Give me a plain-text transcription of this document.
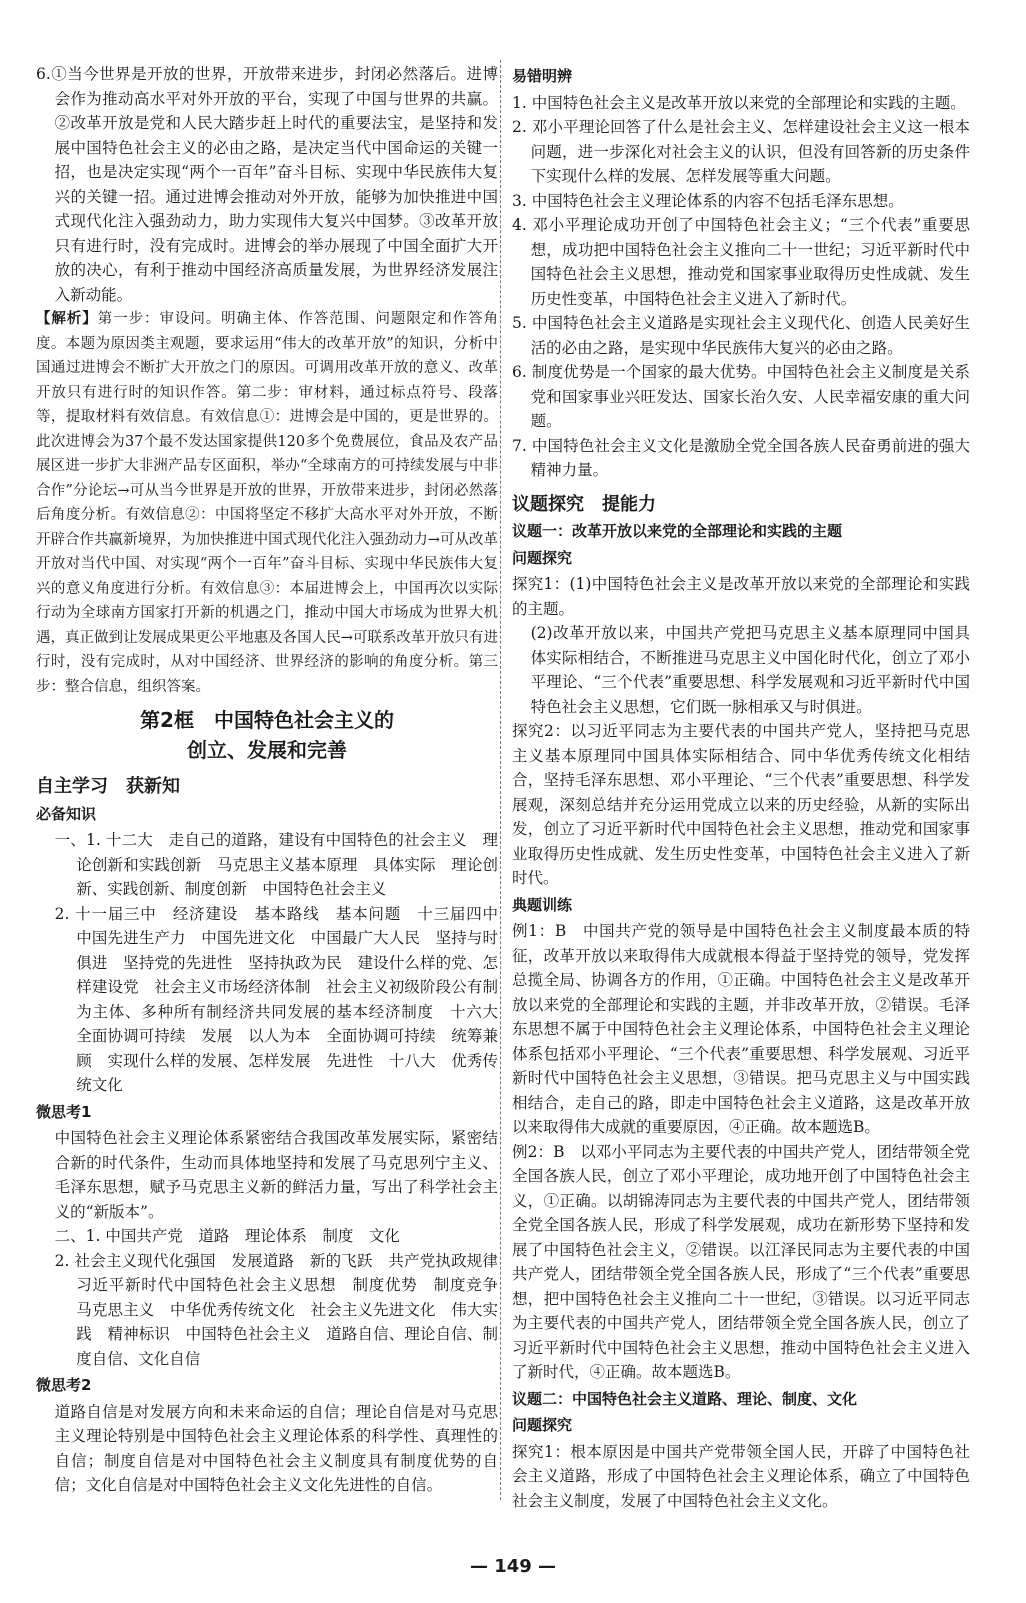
6.①当今世界是开放的世界，开放带来进步，封闭必然落后。进博会作为推动高水平对外开放的平台，实现了中国与世界的共赢。②改革开放是党和人民大踏步赶上时代的重要法宝，是坚持和发展中国特色社会主义的必由之路，是决定当代中国命运的关键一招，也是决定实现“两个一百年”奋斗目标、实现中华民族伟大复兴的关键一招。通过进博会推动对外开放，能够为加快推进中国式现代化注入强劲动力，助力实现伟大复兴中国梦。③改革开放只有进行时，没有完成时。进博会的举办展现了中国全面扩大开放的决心，有利于推动中国经济高质量发展，为世界经济发展注入新动能。

【解析】第一步：审设问。明确主体、作答范围、问题限定和作答角度。本题为原因类主观题，要求运用“伟大的改革开放”的知识，分析中国通过进博会不断扩大开放之门的原因。可调用改革开放的意义、改革开放只有进行时的知识作答。第二步：审材料，通过标点符号、段落等，提取材料有效信息。有效信息①：进博会是中国的，更是世界的。此次进博会为37个最不发达国家提供120多个免费展位，食品及农产品展区进一步扩大非洲产品专区面积，举办“全球南方的可持续发展与中非合作”分论坛→可从当今世界是开放的世界，开放带来进步，封闭必然落后角度分析。有效信息②：中国将坚定不移扩大高水平对外开放，不断开辟合作共赢新境界，为加快推进中国式现代化注入强劲动力→可从改革开放对当代中国、对实现“两个一百年”奋斗目标、实现中华民族伟大复兴的意义角度进行分析。有效信息③：本届进博会上，中国再次以实际行动为全球南方国家打开新的机遇之门，推动中国大市场成为世界大机遇，真正做到让发展成果更公平地惠及各国人民→可联系改革开放只有进行时，没有完成时，从对中国经济、世界经济的影响的角度分析。第三步：整合信息，组织答案。

第2框　中国特色社会主义的
创立、发展和完善
自主学习　获新知
必备知识

一、1. 十二大　走自己的道路，建设有中国特色的社会主义　理论创新和实践创新　马克思主义基本原理　具体实际　理论创新、实践创新、制度创新　中国特色社会主义

2. 十一届三中　经济建设　基本路线　基本问题　十三届四中　中国先进生产力　中国先进文化　中国最广大人民　坚持与时俱进　坚持党的先进性　坚持执政为民　建设什么样的党、怎样建设党　社会主义市场经济体制　社会主义初级阶段公有制为主体、多种所有制经济共同发展的基本经济制度　十六大　全面协调可持续　发展　以人为本　全面协调可持续　统筹兼顾　实现什么样的发展、怎样发展　先进性　十八大　优秀传统文化

微思考1

中国特色社会主义理论体系紧密结合我国改革发展实际，紧密结合新的时代条件，生动而具体地坚持和发展了马克思列宁主义、毛泽东思想，赋予马克思主义新的鲜活力量，写出了科学社会主义的“新版本”。

二、1. 中国共产党　道路　理论体系　制度　文化

2. 社会主义现代化强国　发展道路　新的飞跃　共产党执政规律　习近平新时代中国特色社会主义思想　制度优势　制度竞争　马克思主义　中华优秀传统文化　社会主义先进文化　伟大实践　精神标识　中国特色社会主义　道路自信、理论自信、制度自信、文化自信

微思考2

道路自信是对发展方向和未来命运的自信；理论自信是对马克思主义理论特别是中国特色社会主义理论体系的科学性、真理性的自信；制度自信是对中国特色社会主义制度具有制度优势的自信；文化自信是对中国特色社会主义文化先进性的自信。

易错明辨

1. 中国特色社会主义是改革开放以来党的全部理论和实践的主题。

2. 邓小平理论回答了什么是社会主义、怎样建设社会主义这一根本问题，进一步深化对社会主义的认识，但没有回答新的历史条件下实现什么样的发展、怎样发展等重大问题。

3. 中国特色社会主义理论体系的内容不包括毛泽东思想。

4. 邓小平理论成功开创了中国特色社会主义；“三个代表”重要思想，成功把中国特色社会主义推向二十一世纪；习近平新时代中国特色社会主义思想，推动党和国家事业取得历史性成就、发生历史性变革，中国特色社会主义进入了新时代。

5. 中国特色社会主义道路是实现社会主义现代化、创造人民美好生活的必由之路，是实现中华民族伟大复兴的必由之路。

6. 制度优势是一个国家的最大优势。中国特色社会主义制度是关系党和国家事业兴旺发达、国家长治久安、人民幸福安康的重大问题。

7. 中国特色社会主义文化是激励全党全国各族人民奋勇前进的强大精神力量。

议题探究　提能力
议题一：改革开放以来党的全部理论和实践的主题
问题探究

探究1：(1)中国特色社会主义是改革开放以来党的全部理论和实践的主题。

(2)改革开放以来，中国共产党把马克思主义基本原理同中国具体实际相结合，不断推进马克思主义中国化时代化，创立了邓小平理论、“三个代表”重要思想、科学发展观和习近平新时代中国特色社会主义思想，它们既一脉相承又与时俱进。

探究2：以习近平同志为主要代表的中国共产党人，坚持把马克思主义基本原理同中国具体实际相结合、同中华优秀传统文化相结合，坚持毛泽东思想、邓小平理论、“三个代表”重要思想、科学发展观，深刻总结并充分运用党成立以来的历史经验，从新的实际出发，创立了习近平新时代中国特色社会主义思想，推动党和国家事业取得历史性成就、发生历史性变革，中国特色社会主义进入了新时代。

典题训练

例1：B　中国共产党的领导是中国特色社会主义制度最本质的特征，改革开放以来取得伟大成就根本得益于坚持党的领导，党发挥总揽全局、协调各方的作用，①正确。中国特色社会主义是改革开放以来党的全部理论和实践的主题，并非改革开放，②错误。毛泽东思想不属于中国特色社会主义理论体系，中国特色社会主义理论体系包括邓小平理论、“三个代表”重要思想、科学发展观、习近平新时代中国特色社会主义思想，③错误。把马克思主义与中国实践相结合，走自己的路，即走中国特色社会主义道路，这是改革开放以来取得伟大成就的重要原因，④正确。故本题选B。

例2：B　以邓小平同志为主要代表的中国共产党人，团结带领全党全国各族人民，创立了邓小平理论，成功地开创了中国特色社会主义，①正确。以胡锦涛同志为主要代表的中国共产党人，团结带领全党全国各族人民，形成了科学发展观，成功在新形势下坚持和发展了中国特色社会主义，②错误。以江泽民同志为主要代表的中国共产党人，团结带领全党全国各族人民，形成了“三个代表”重要思想，把中国特色社会主义推向二十一世纪，③错误。以习近平同志为主要代表的中国共产党人，团结带领全党全国各族人民，创立了习近平新时代中国特色社会主义思想，推动中国特色社会主义进入了新时代，④正确。故本题选B。

议题二：中国特色社会主义道路、理论、制度、文化
问题探究

探究1：根本原因是中国共产党带领全国人民，开辟了中国特色社会主义道路，形成了中国特色社会主义理论体系，确立了中国特色社会主义制度，发展了中国特色社会主义文化。

— 149 —
